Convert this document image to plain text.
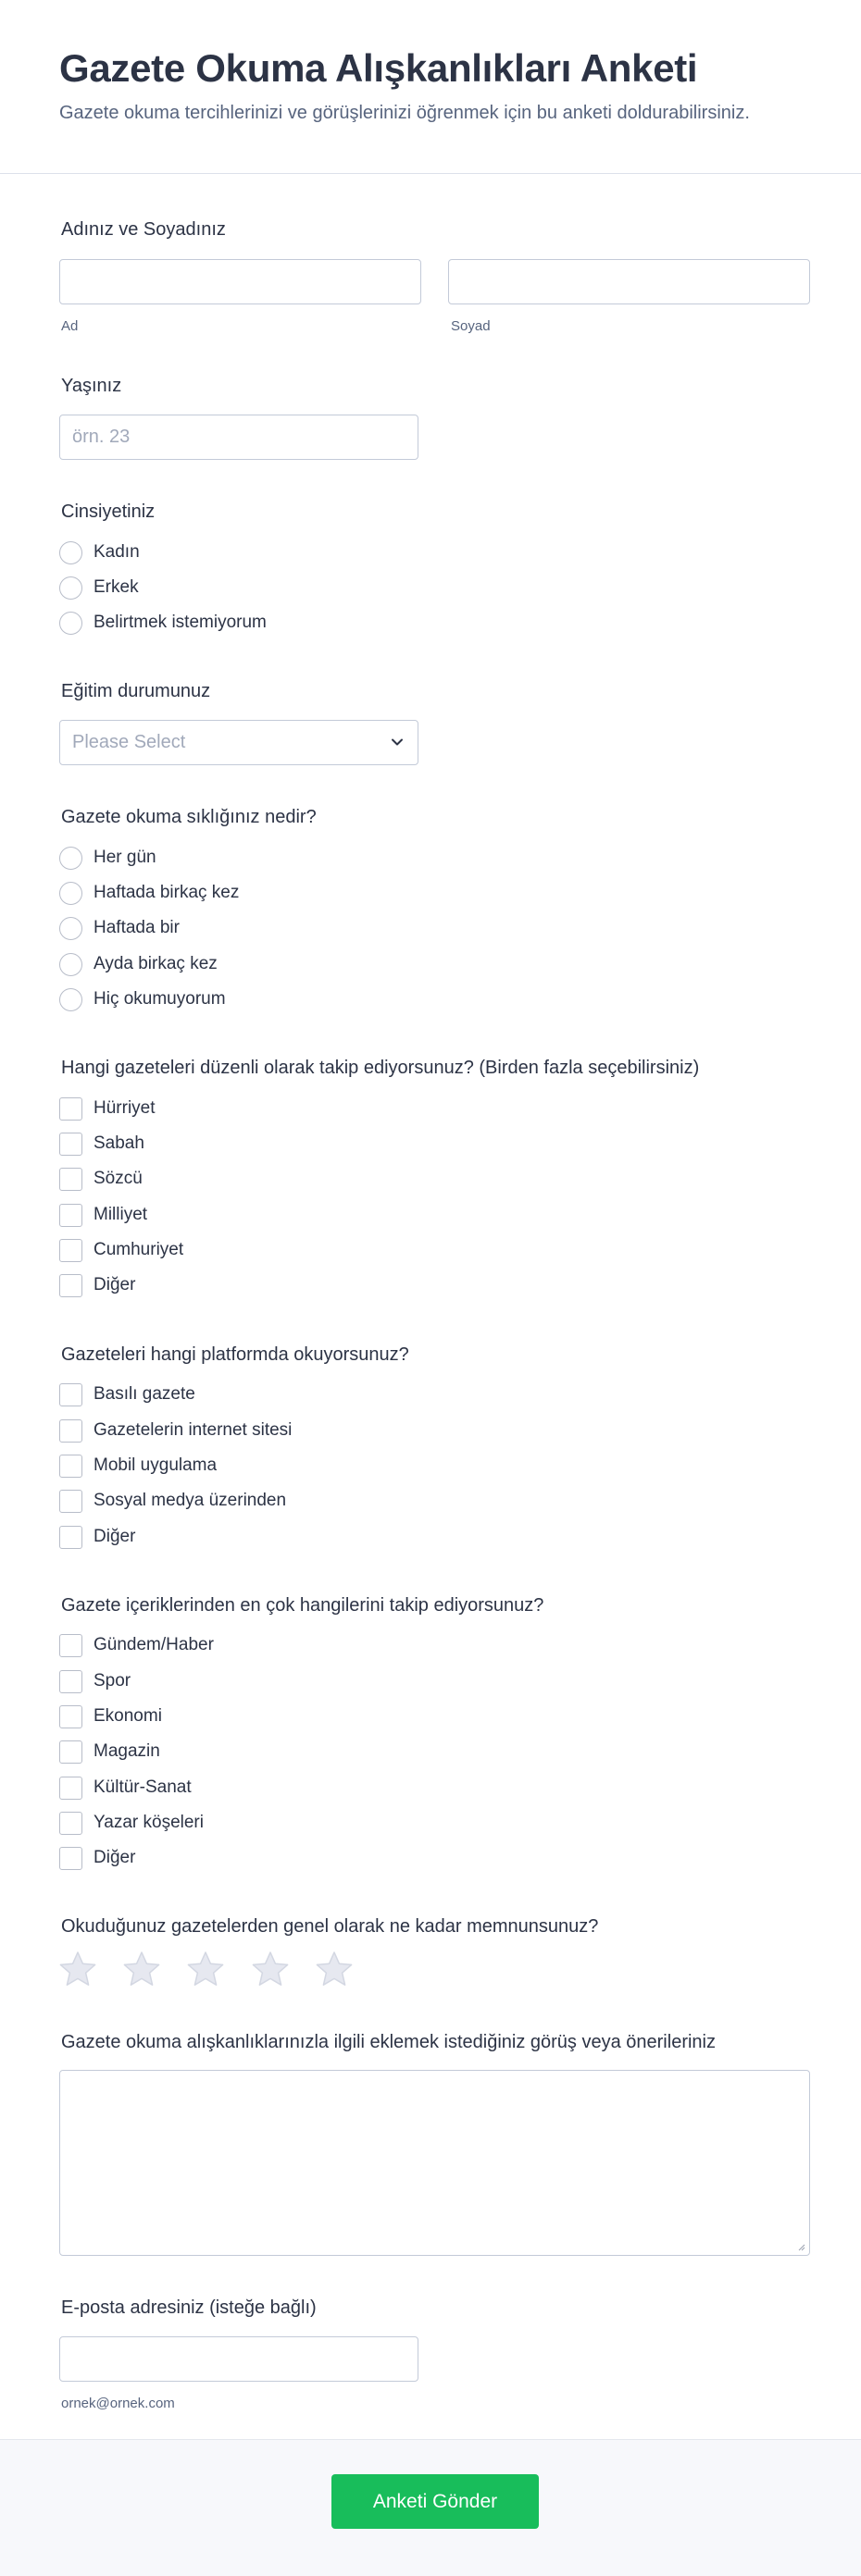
Gazete Okuma Alışkanlıkları Anketi
Gazete okuma tercihlerinizi ve görüşlerinizi öğrenmek için bu anketi doldurabilirsiniz.
Adınız ve Soyadınız
Ad	Soyad
Yaşınız
örn. 23
Cinsiyetiniz
Kadın
Erkek
Belirtmek istemiyorum
Eğitim durumunuz
Please Select
Gazete okuma sıklığınız nedir?
Her gün
Haftada birkaç kez
Haftada bir
Ayda birkaç kez
Hiç okumuyorum
Hangi gazeteleri düzenli olarak takip ediyorsunuz? (Birden fazla seçebilirsiniz)
Hürriyet
Sabah
Sözcü
Milliyet
Cumhuriyet
Diğer
Gazeteleri hangi platformda okuyorsunuz?
Basılı gazete
Gazetelerin internet sitesi
Mobil uygulama
Sosyal medya üzerinden
Diğer
Gazete içeriklerinden en çok hangilerini takip ediyorsunuz?
Gündem/Haber
Spor
Ekonomi
Magazin
Kültür-Sanat
Yazar köşeleri
Diğer
Okuduğunuz gazetelerden genel olarak ne kadar memnunsunuz?
Gazete okuma alışkanlıklarınızla ilgili eklemek istediğiniz görüş veya önerileriniz
E-posta adresiniz (isteğe bağlı)
ornek@ornek.com
Anketi Gönder
